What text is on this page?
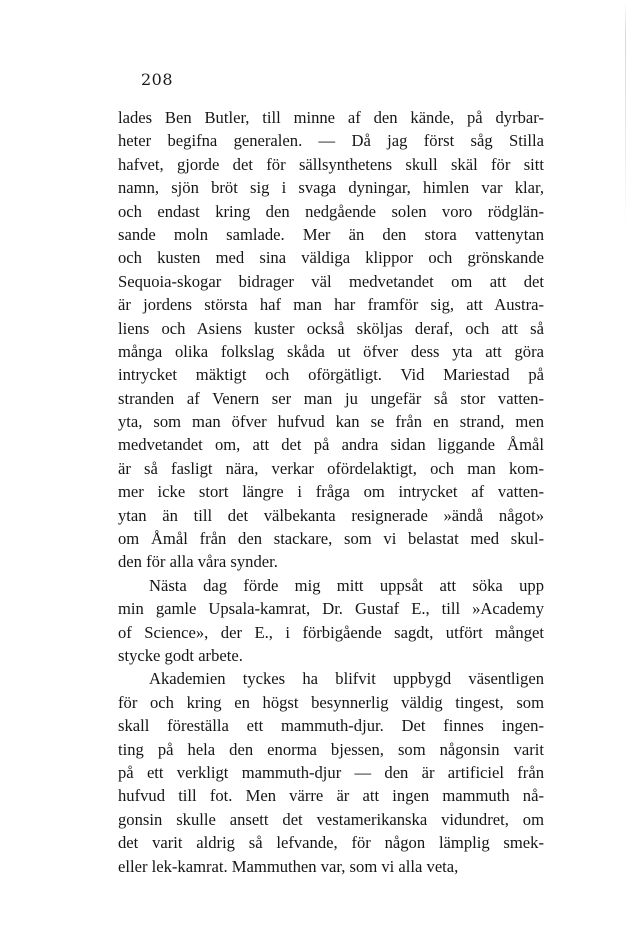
208
lades Ben Butler, till minne af den kände, på dyrbar-
heter begifna generalen. — Då jag först såg Stilla
hafvet, gjorde det för sällsynthetens skull skäl för sitt
namn, sjön bröt sig i svaga dyningar, himlen var klar,
och endast kring den nedgående solen voro rödglän-
sande moln samlade. Mer än den stora vattenytan
och kusten med sina väldiga klippor och grönskande
Sequoia-skogar bidrager väl medvetandet om att det
är jordens största haf man har framför sig, att Austra-
liens och Asiens kuster också sköljas deraf, och att så
många olika folkslag skåda ut öfver dess yta att göra
intrycket mäktigt och oförgätligt. Vid Mariestad på
stranden af Venern ser man ju ungefär så stor vatten-
yta, som man öfver hufvud kan se från en strand, men
medvetandet om, att det på andra sidan liggande Åmål
är så fasligt nära, verkar ofördelaktigt, och man kom-
mer icke stort längre i fråga om intrycket af vatten-
ytan än till det välbekanta resignerade »ändå något»
om Åmål från den stackare, som vi belastat med skul-
den för alla våra synder.
Nästa dag förde mig mitt uppsåt att söka upp
min gamle Upsala-kamrat, Dr. Gustaf E., till »Academy
of Science», der E., i förbigående sagdt, utfört månget
stycke godt arbete.
Akademien tyckes ha blifvit uppbygd väsentligen
för och kring en högst besynnerlig väldig tingest, som
skall föreställa ett mammuth-djur. Det finnes ingen-
ting på hela den enorma bjessen, som någonsin varit
på ett verkligt mammuth-djur — den är artificiel från
hufvud till fot. Men värre är att ingen mammuth nå-
gonsin skulle ansett det vestamerikanska vidundret, om
det varit aldrig så lefvande, för någon lämplig smek-
eller lek-kamrat. Mammuthen var, som vi alla veta,
